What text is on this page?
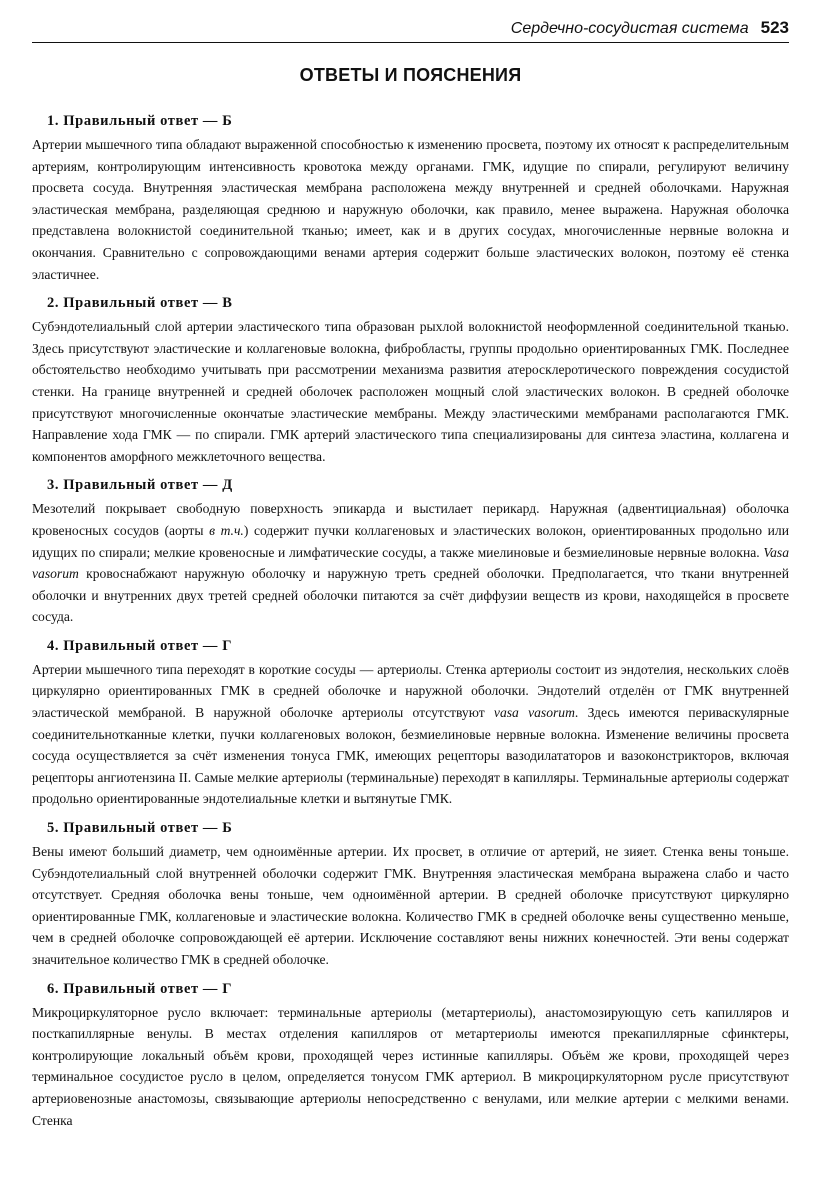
Сердечно-сосудистая система 523
ОТВЕТЫ И ПОЯСНЕНИЯ
1. Правильный ответ — Б

Артерии мышечного типа обладают выраженной способностью к изменению просвета, поэтому их относят к распределительным артериям, контролирующим интенсивность кровотока между органами. ГМК, идущие по спирали, регулируют величину просвета сосуда. Внутренняя эластическая мембрана расположена между внутренней и средней оболочками. Наружная эластическая мембрана, разделяющая среднюю и наружную оболочки, как правило, менее выражена. Наружная оболочка представлена волокнистой соединительной тканью; имеет, как и в других сосудах, многочисленные нервные волокна и окончания. Сравнительно с сопровождающими венами артерия содержит больше эластических волокон, поэтому её стенка эластичнее.

2. Правильный ответ — В

Субэндотелиальный слой артерии эластического типа образован рыхлой волокнистой неоформленной соединительной тканью. Здесь присутствуют эластические и коллагеновые волокна, фибробласты, группы продольно ориентированных ГМК. Последнее обстоятельство необходимо учитывать при рассмотрении механизма развития атеросклеротического повреждения сосудистой стенки. На границе внутренней и средней оболочек расположен мощный слой эластических волокон. В средней оболочке присутствуют многочисленные окончатые эластические мембраны. Между эластическими мембранами располагаются ГМК. Направление хода ГМК — по спирали. ГМК артерий эластического типа специализированы для синтеза эластина, коллагена и компонентов аморфного межклеточного вещества.

3. Правильный ответ — Д

Мезотелий покрывает свободную поверхность эпикарда и выстилает перикард. Наружная (адвентициальная) оболочка кровеносных сосудов (аорты в т.ч.) содержит пучки коллагеновых и эластических волокон, ориентированных продольно или идущих по спирали; мелкие кровеносные и лимфатические сосуды, а также миелиновые и безмиелиновые нервные волокна. Vasa vasorum кровоснабжают наружную оболочку и наружную треть средней оболочки. Предполагается, что ткани внутренней оболочки и внутренних двух третей средней оболочки питаются за счёт диффузии веществ из крови, находящейся в просвете сосуда.

4. Правильный ответ — Г

Артерии мышечного типа переходят в короткие сосуды — артериолы. Стенка артериолы состоит из эндотелия, нескольких слоёв циркулярно ориентированных ГМК в средней оболочке и наружной оболочки. Эндотелий отделён от ГМК внутренней эластической мембраной. В наружной оболочке артериолы отсутствуют vasa vasorum. Здесь имеются периваскулярные соединительнотканные клетки, пучки коллагеновых волокон, безмиелиновые нервные волокна. Изменение величины просвета сосуда осуществляется за счёт изменения тонуса ГМК, имеющих рецепторы вазодилататоров и вазоконстрикторов, включая рецепторы ангиотензина II. Самые мелкие артериолы (терминальные) переходят в капилляры. Терминальные артериолы содержат продольно ориентированные эндотелиальные клетки и вытянутые ГМК.

5. Правильный ответ — Б

Вены имеют больший диаметр, чем одноимённые артерии. Их просвет, в отличие от артерий, не зияет. Стенка вены тоньше. Субэндотелиальный слой внутренней оболочки содержит ГМК. Внутренняя эластическая мембрана выражена слабо и часто отсутствует. Средняя оболочка вены тоньше, чем одноимённой артерии. В средней оболочке присутствуют циркулярно ориентированные ГМК, коллагеновые и эластические волокна. Количество ГМК в средней оболочке вены существенно меньше, чем в средней оболочке сопровождающей её артерии. Исключение составляют вены нижних конечностей. Эти вены содержат значительное количество ГМК в средней оболочке.

6. Правильный ответ — Г

Микроциркуляторное русло включает: терминальные артериолы (метартериолы), анастомозирующую сеть капилляров и посткапиллярные венулы. В местах отделения капилляров от метартериолы имеются прекапиллярные сфинктеры, контролирующие локальный объём крови, проходящей через истинные капилляры. Объём же крови, проходящей через терминальное сосудистое русло в целом, определяется тонусом ГМК артериол. В микроциркуляторном русле присутствуют артериовенозные анастомозы, связывающие артериолы непосредственно с венулами, или мелкие артерии с мелкими венами. Стенка
